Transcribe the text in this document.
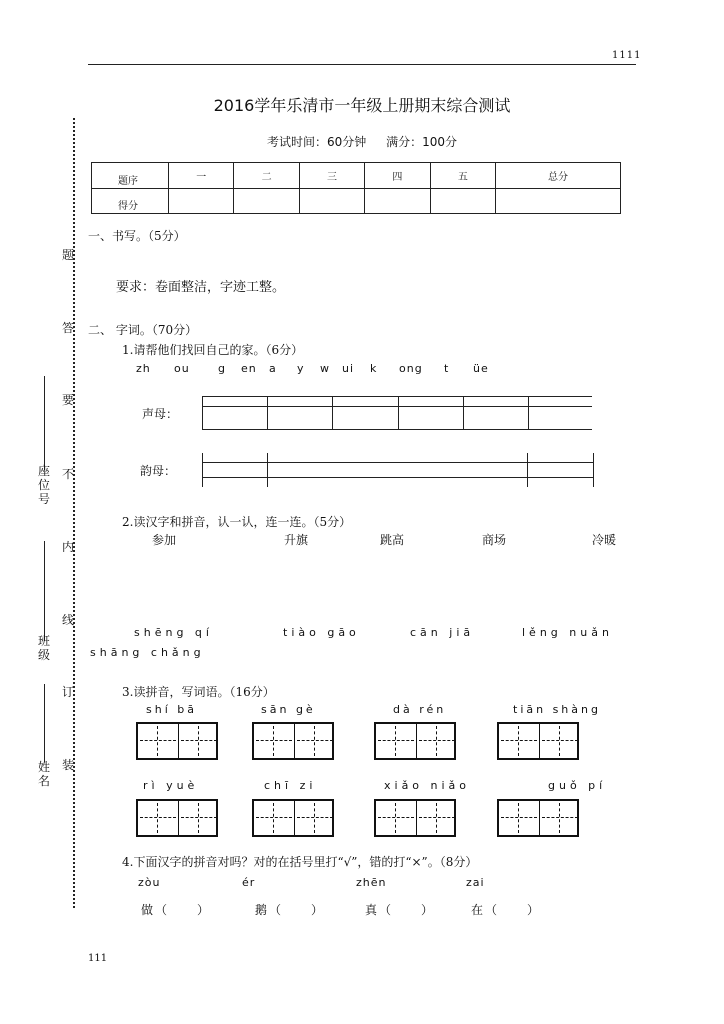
1111
2016学年乐清市一年级上册期末综合测试
考试时间：60分钟 满分：100分
题序	一	二	三	四	五	总分
得分						
题
答
要
不
内
线
订
装
座位号
班级
姓名
一、书写。（5分）
要求：卷面整洁，字迹工整。
二、 字词。（70分）
1.请帮他们找回自己的家。（6分）
zh ou	g en a y w ui k ong t üe
声母：
韵母：
2.读汉字和拼音，认一认，连一连。（5分）
参加	升旗	跳高	商场	冷暖
shēng qí	tiào gāo	cān jiā	lěng nuǎn
shāng chǎng
3.读拼音，写词语。（16分）
shí bā	sān gè	dà rén	tiān shàng
rì yuè	chī zi	xiǎo niǎo	guǒ pí
4.下面汉字的拼音对吗？对的在括号里打“√”，错的打“×”。（8分）
zòu	ér	zhēn	zai
做（　　）	鹅（　　）	真（　　）	在（　　）
111
